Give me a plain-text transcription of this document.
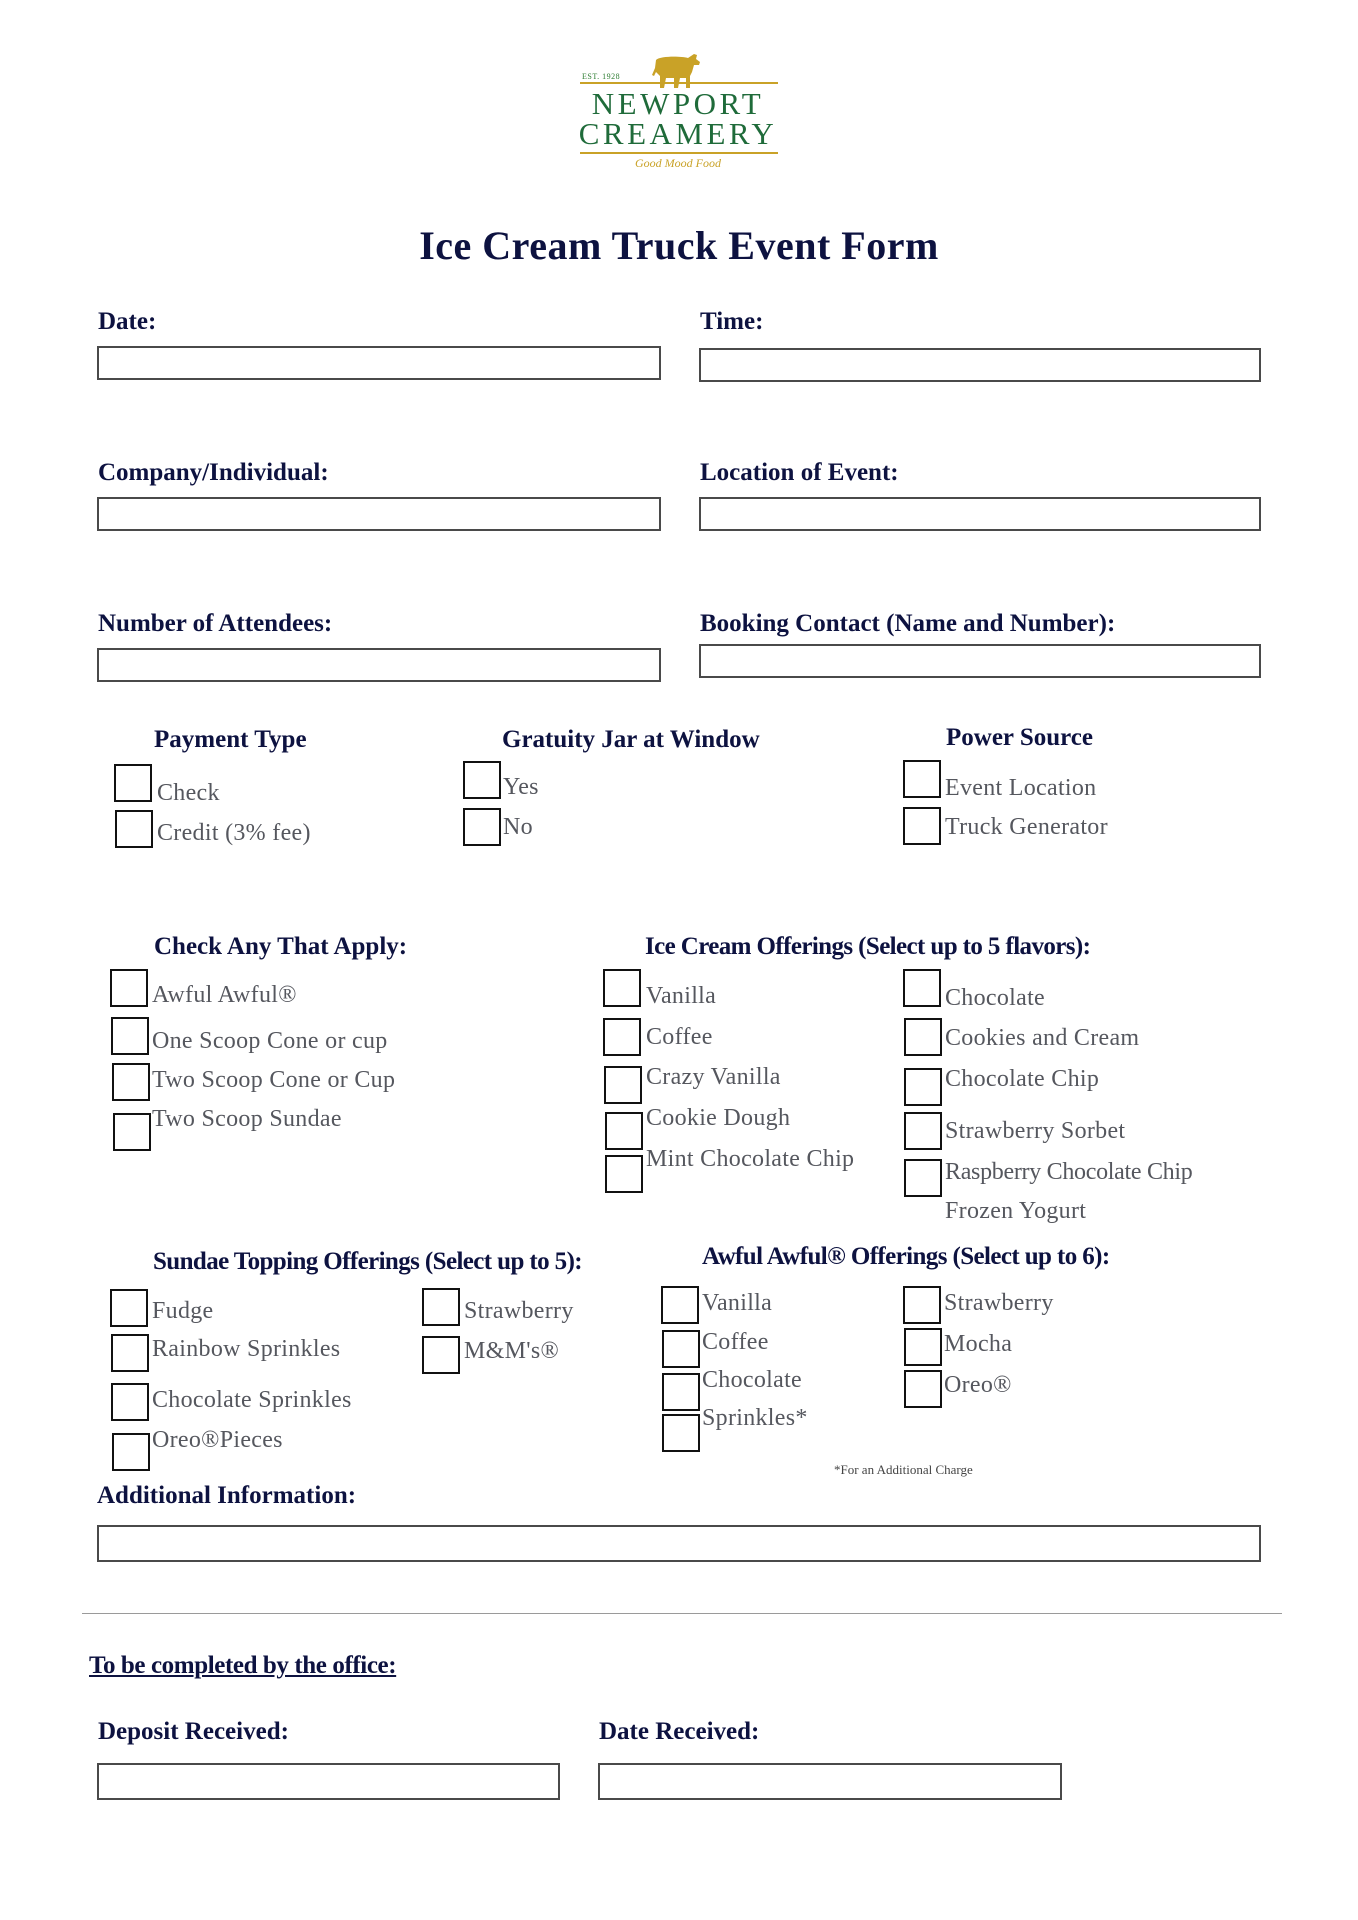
EST. 1928
NEWPORT
CREAMERY
Good Mood Food
Ice Cream Truck Event Form
Date:	Time:
Company/Individual:	Location of Event:
Number of Attendees:	Booking Contact (Name and Number):
Payment Type
Check
Credit (3% fee)
Gratuity Jar at Window
Yes
No
Power Source
Event Location
Truck Generator
Check Any That Apply:
Awful Awful®
One Scoop Cone or cup
Two Scoop Cone or Cup
Two Scoop Sundae
Ice Cream Offerings (Select up to 5 flavors):
Vanilla
Coffee
Crazy Vanilla
Cookie Dough
Mint Chocolate Chip
Chocolate
Cookies and Cream
Chocolate Chip
Strawberry Sorbet
Raspberry Chocolate Chip
Frozen Yogurt
Sundae Topping Offerings (Select up to 5):
Fudge
Rainbow Sprinkles
Chocolate Sprinkles
Oreo®Pieces
Strawberry
M&M's®
Awful Awful® Offerings (Select up to 6):
Vanilla
Coffee
Chocolate
Sprinkles*
Strawberry
Mocha
Oreo®
*For an Additional Charge
Additional Information:
To be completed by the office:
Deposit Received:	Date Received:
